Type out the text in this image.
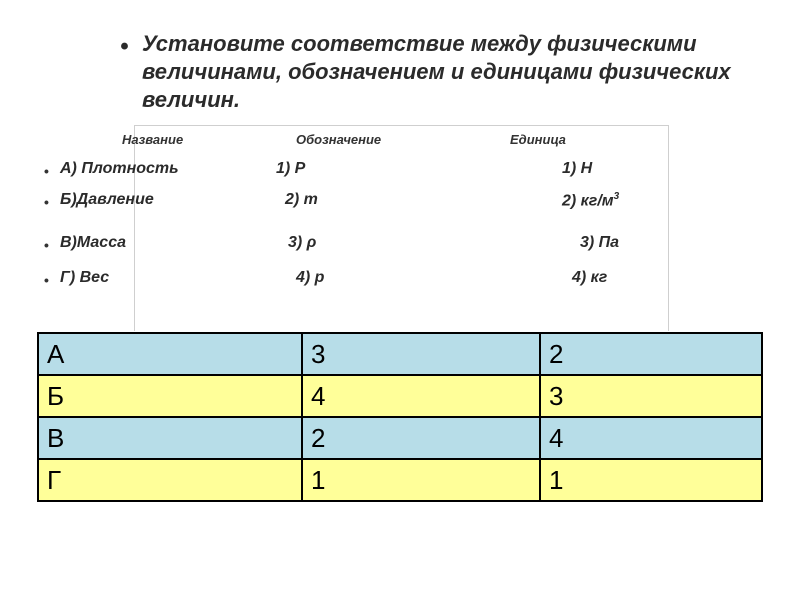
• Установите соответствие между физическими величинами, обозначением и единицами физических величин.
Название	Обозначение	Единица
• А) Плотность	1) Р	1) Н
• Б)Давление	2) m	2) $кг/м^3$
• В)Масса	3) ρ	3) Па
• Г) Вес	4) р	4) кг
А	3	2
Б	4	3
В	2	4
Г	1	1
